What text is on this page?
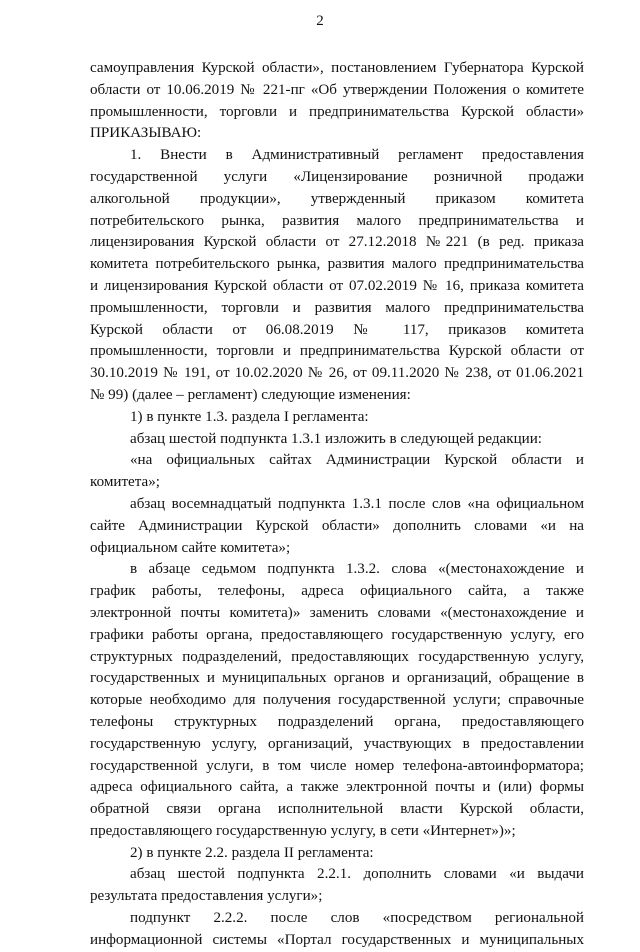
2
самоуправления Курской области», постановлением Губернатора Курской
области от 10.06.2019 № 221-пг «Об утверждении Положения о комитете
промышленности, торговли и предпринимательства Курской области»
ПРИКАЗЫВАЮ:
1. Внести в Административный регламент предоставления
государственной услуги «Лицензирование розничной продажи
алкогольной продукции», утвержденный приказом комитета
потребительского рынка, развития малого предпринимательства и
лицензирования Курской области от 27.12.2018 №221 (в ред. приказа
комитета потребительского рынка, развития малого предпринимательства
и лицензирования Курской области от 07.02.2019 № 16, приказа комитета
промышленности, торговли и развития малого предпринимательства
Курской области от 06.08.2019 № 117, приказов комитета
промышленности, торговли и предпринимательства Курской области от
30.10.2019 № 191, от 10.02.2020 № 26, от 09.11.2020 № 238, от 01.06.2021
№ 99) (далее – регламент) следующие изменения:
1) в пункте 1.3. раздела I регламента:
абзац шестой подпункта 1.3.1 изложить в следующей редакции:
«на официальных сайтах Администрации Курской области и
комитета»;
абзац восемнадцатый подпункта 1.3.1 после слов «на официальном
сайте Администрации Курской области» дополнить словами «и на
официальном сайте комитета»;
в абзаце седьмом подпункта 1.3.2. слова «(местонахождение и
график работы, телефоны, адреса официального сайта, а также
электронной почты комитета)» заменить словами «(местонахождение и
графики работы органа, предоставляющего государственную услугу, его
структурных подразделений, предоставляющих государственную услугу,
государственных и муниципальных органов и организаций, обращение в
которые необходимо для получения государственной услуги; справочные
телефоны структурных подразделений органа, предоставляющего
государственную услугу, организаций, участвующих в предоставлении
государственной услуги, в том числе номер телефона-автоинформатора;
адреса официального сайта, а также электронной почты и (или) формы
обратной связи органа исполнительной власти Курской области,
предоставляющего государственную услугу, в сети «Интернет»)»;
2) в пункте 2.2. раздела II регламента:
абзац шестой подпункта 2.2.1. дополнить словами «и выдачи
результата предоставления услуги»;
подпункт 2.2.2. после слов «посредством региональной
информационной системы «Портал государственных и муниципальных
